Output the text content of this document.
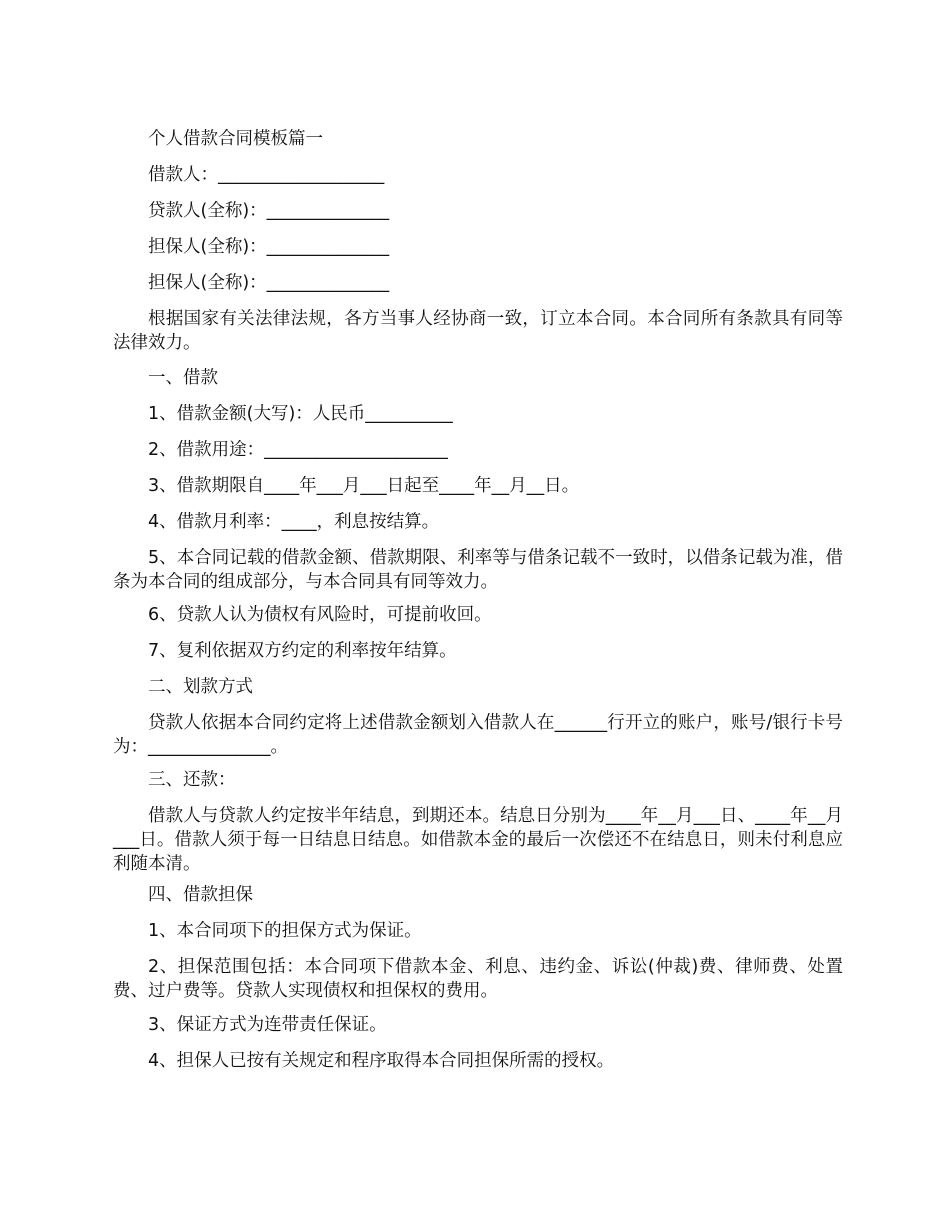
个人借款合同模板篇一
借款人：___________________
贷款人(全称)：______________
担保人(全称)：______________
担保人(全称)：______________
根据国家有关法律法规，各方当事人经协商一致，订立本合同。本合同所有条款具有同等法律效力。
一、借款
1、借款金额(大写)：人民币__________
2、借款用途：_____________________
3、借款期限自____年___月___日起至____年__月__日。
4、借款月利率：____，利息按结算。
5、本合同记载的借款金额、借款期限、利率等与借条记载不一致时，以借条记载为准，借条为本合同的组成部分，与本合同具有同等效力。
6、贷款人认为债权有风险时，可提前收回。
7、复利依据双方约定的利率按年结算。
二、划款方式
贷款人依据本合同约定将上述借款金额划入借款人在______行开立的账户，账号/银行卡号为：______________。
三、还款：
借款人与贷款人约定按半年结息，到期还本。结息日分别为____年__月___日、____年__月___日。借款人须于每一日结息日结息。如借款本金的最后一次偿还不在结息日，则未付利息应利随本清。
四、借款担保
1、本合同项下的担保方式为保证。
2、担保范围包括：本合同项下借款本金、利息、违约金、诉讼(仲裁)费、律师费、处置费、过户费等。贷款人实现债权和担保权的费用。
3、保证方式为连带责任保证。
4、担保人已按有关规定和程序取得本合同担保所需的授权。
